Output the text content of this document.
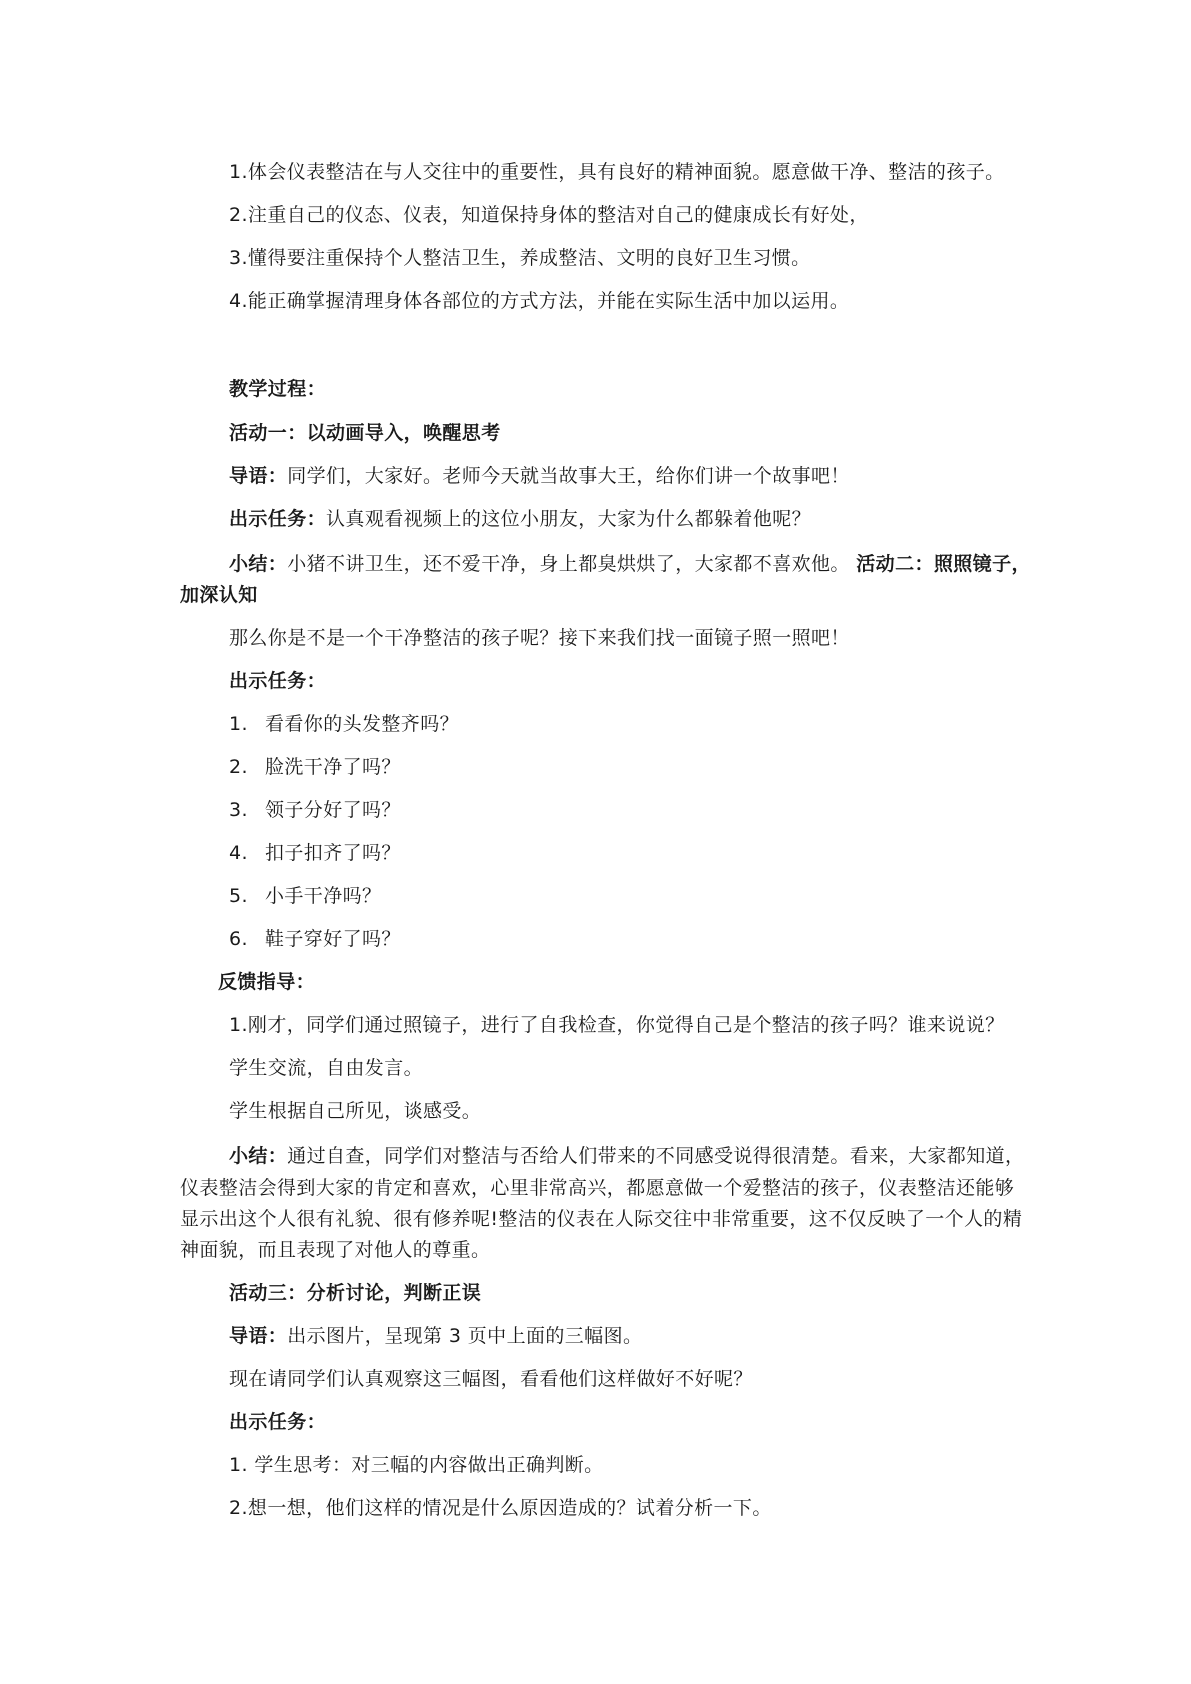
1.体会仪表整洁在与人交往中的重要性，具有良好的精神面貌。愿意做干净、整洁的孩子。
2.注重自己的仪态、仪表，知道保持身体的整洁对自己的健康成长有好处，
3.懂得要注重保持个人整洁卫生，养成整洁、文明的良好卫生习惯。
4.能正确掌握清理身体各部位的方式方法，并能在实际生活中加以运用。
教学过程：
活动一：以动画导入，唤醒思考
导语：同学们，大家好。老师今天就当故事大王，给你们讲一个故事吧！
出示任务：认真观看视频上的这位小朋友，大家为什么都躲着他呢？
小结：小猪不讲卫生，还不爱干净，身上都臭烘烘了，大家都不喜欢他。 活动二：照照镜子，
加深认知
那么你是不是一个干净整洁的孩子呢？接下来我们找一面镜子照一照吧！
出示任务：
1. 看看你的头发整齐吗？
2. 脸洗干净了吗？
3. 领子分好了吗？
4. 扣子扣齐了吗？
5. 小手干净吗？
6. 鞋子穿好了吗？
反馈指导：
1.刚才，同学们通过照镜子，进行了自我检查，你觉得自己是个整洁的孩子吗？谁来说说？
学生交流，自由发言。
学生根据自己所见，谈感受。
小结：通过自查，同学们对整洁与否给人们带来的不同感受说得很清楚。看来，大家都知道，
仪表整洁会得到大家的肯定和喜欢，心里非常高兴，都愿意做一个爱整洁的孩子，仪表整洁还能够
显示出这个人很有礼貌、很有修养呢!整洁的仪表在人际交往中非常重要，这不仅反映了一个人的精
神面貌，而且表现了对他人的尊重。
活动三：分析讨论，判断正误
导语：出示图片，呈现第 3 页中上面的三幅图。
现在请同学们认真观察这三幅图，看看他们这样做好不好呢？
出示任务：
1. 学生思考：对三幅的内容做出正确判断。
2.想一想，他们这样的情况是什么原因造成的？试着分析一下。
